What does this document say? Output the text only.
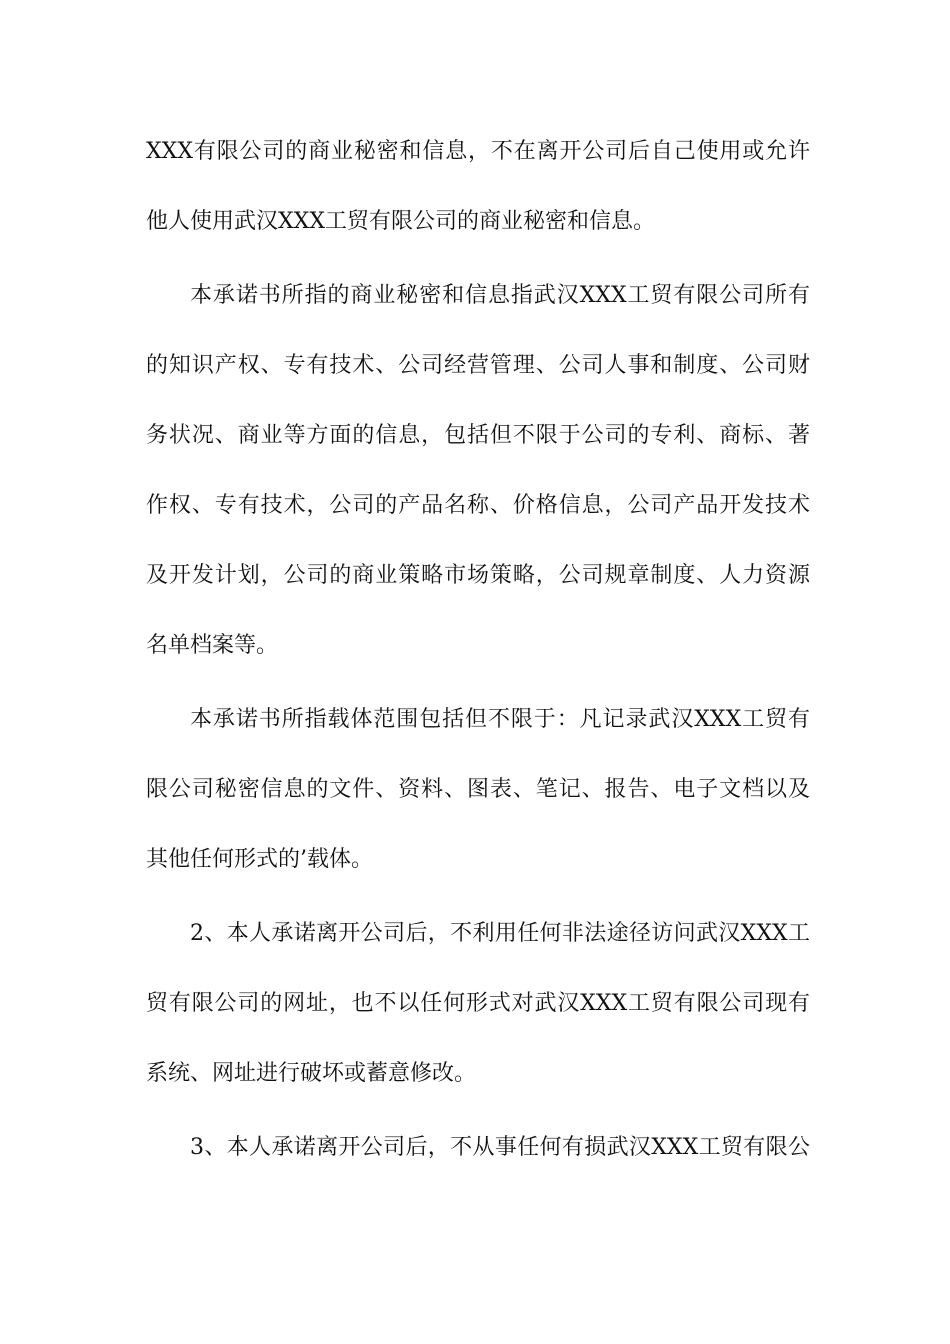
XXX有限公司的商业秘密和信息，不在离开公司后自己使用或允许
他人使用武汉XXX工贸有限公司的商业秘密和信息。
本承诺书所指的商业秘密和信息指武汉XXX工贸有限公司所有
的知识产权、专有技术、公司经营管理、公司人事和制度、公司财
务状况、商业等方面的信息，包括但不限于公司的专利、商标、著
作权、专有技术，公司的产品名称、价格信息，公司产品开发技术
及开发计划，公司的商业策略市场策略，公司规章制度、人力资源
名单档案等。
本承诺书所指载体范围包括但不限于：凡记录武汉XXX工贸有
限公司秘密信息的文件、资料、图表、笔记、报告、电子文档以及
其他任何形式的’载体。
2、本人承诺离开公司后，不利用任何非法途径访问武汉XXX工
贸有限公司的网址，也不以任何形式对武汉XXX工贸有限公司现有
系统、网址进行破坏或蓄意修改。
3、本人承诺离开公司后，不从事任何有损武汉XXX工贸有限公
